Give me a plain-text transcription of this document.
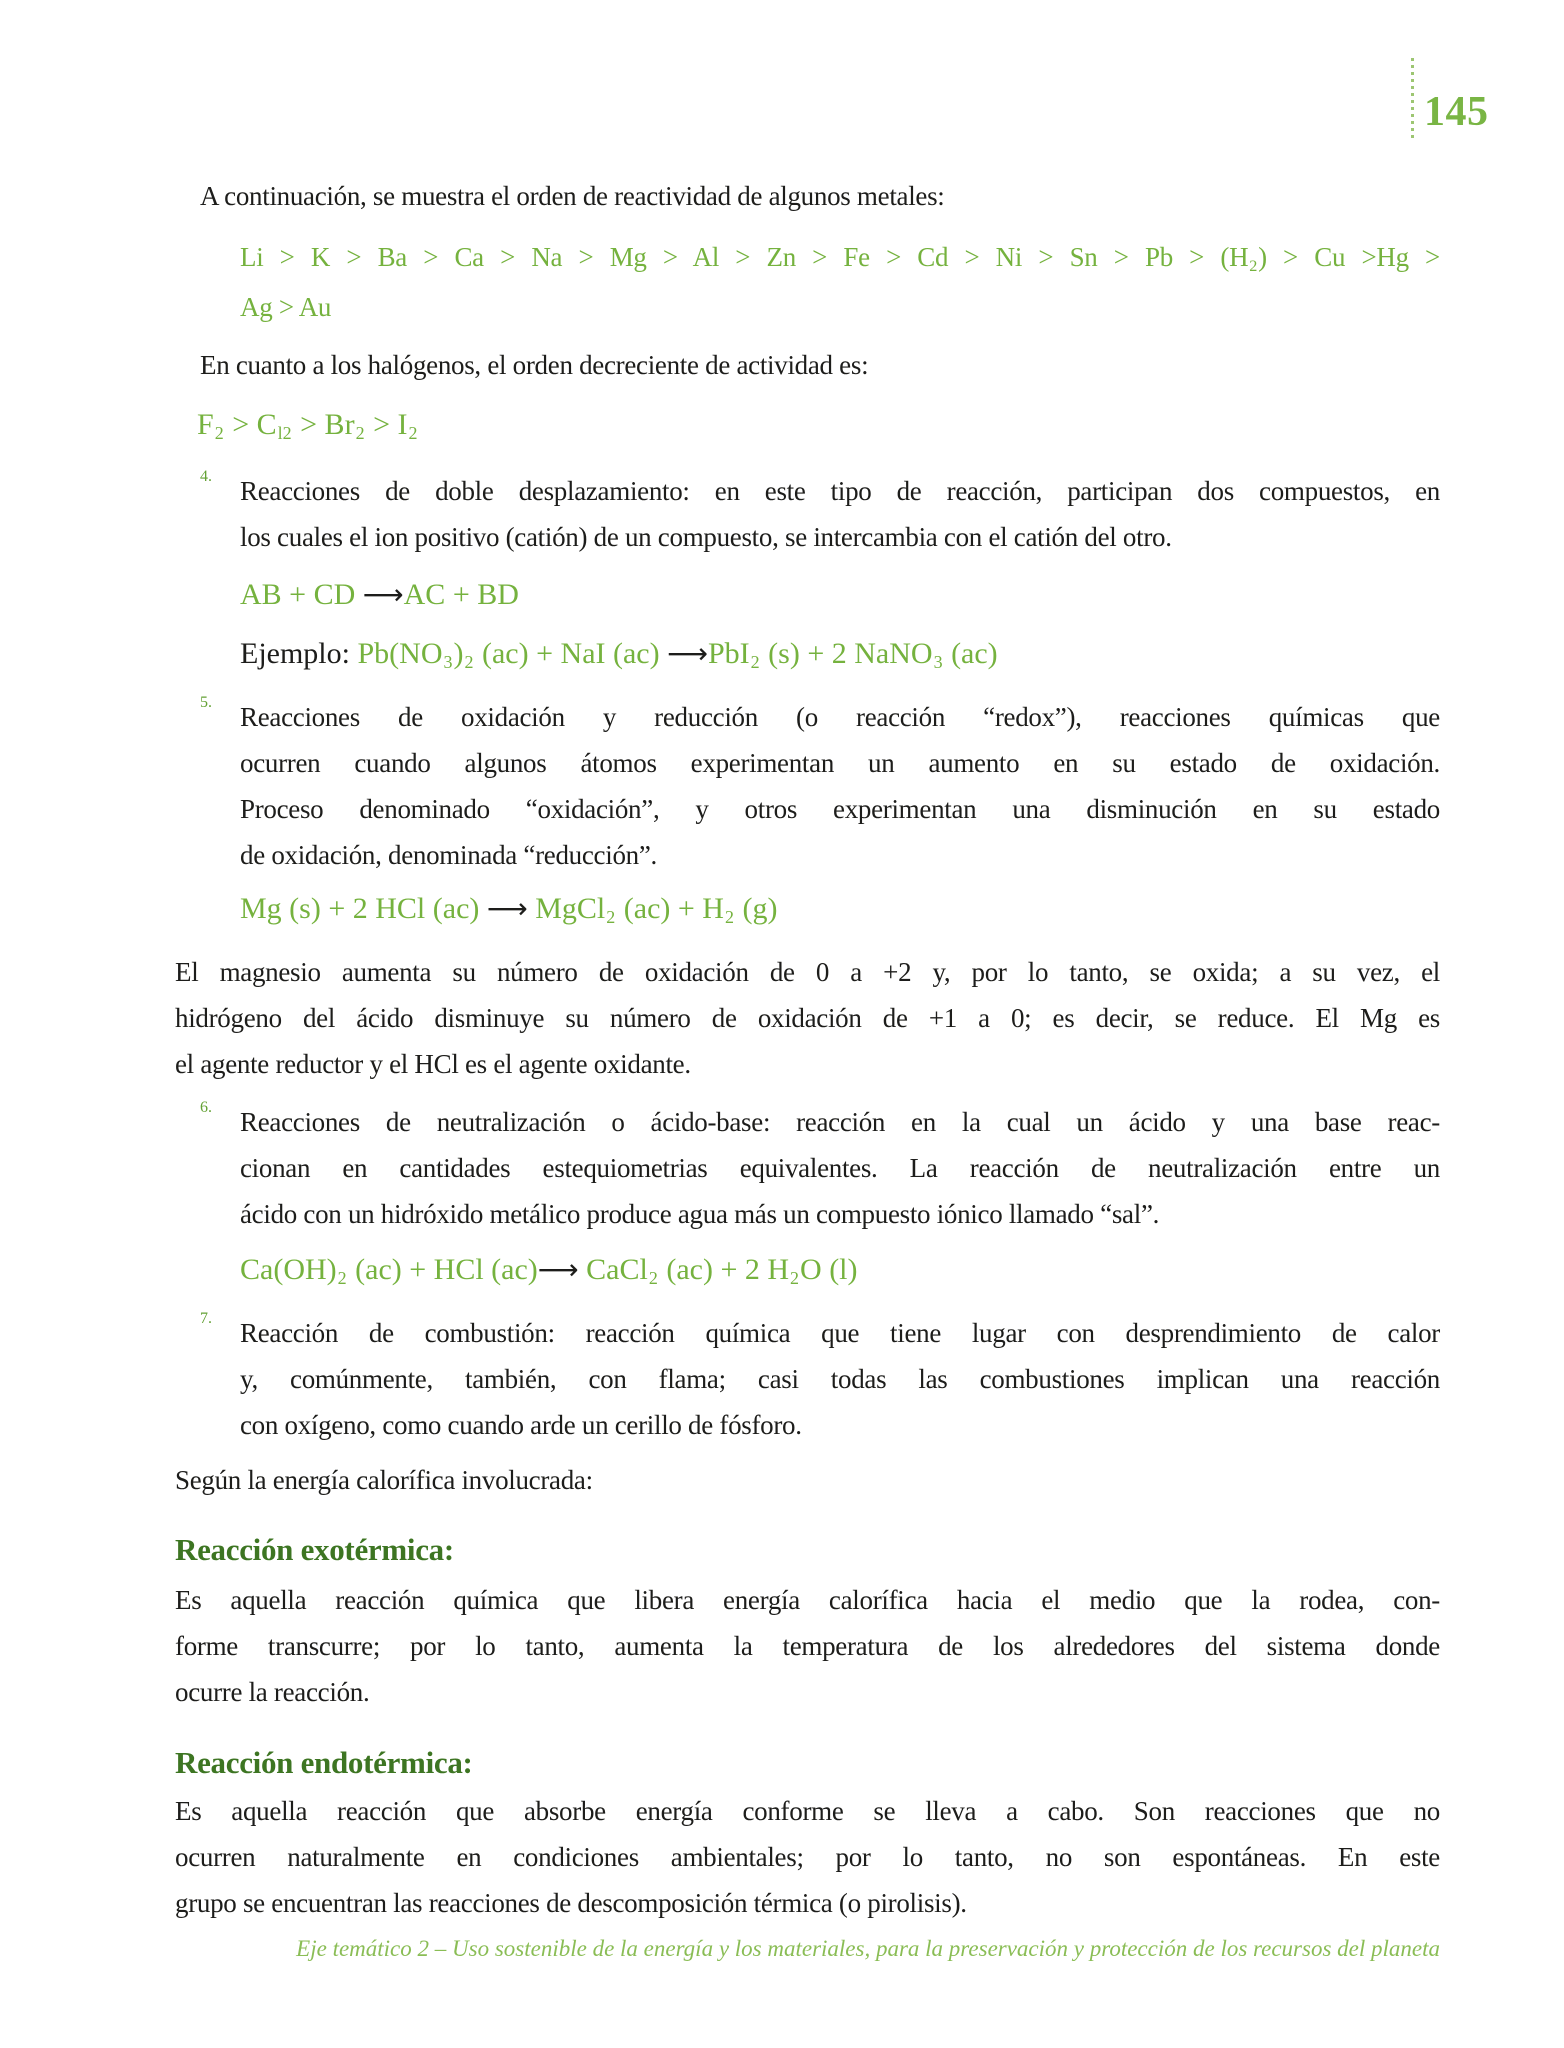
145

A continuación, se muestra el orden de reactividad de algunos metales:

Li > K > Ba > Ca > Na > Mg > Al > Zn > Fe > Cd > Ni > Sn > Pb > (H2) > Cu >Hg >
Ag > Au

En cuanto a los halógenos, el orden decreciente de actividad es:

F2 > Cl2 > Br2 > I2
4. Reacciones de doble desplazamiento: en este tipo de reacción, participan dos compuestos, en
los cuales el ion positivo (catión) de un compuesto, se intercambia con el catión del otro.
AB + CD ⟶AC + BD
Ejemplo: Pb(NO3)2 (ac) + NaI (ac) ⟶PbI2 (s) + 2 NaNO3 (ac)
5. Reacciones de oxidación y reducción (o reacción “redox”), reacciones químicas que
ocurren cuando algunos átomos experimentan un aumento en su estado de oxidación.
Proceso denominado “oxidación”, y otros experimentan una disminución en su estado
de oxidación, denominada “reducción”.
Mg (s) + 2 HCl (ac) ⟶ MgCl2 (ac) + H2 (g)
El magnesio aumenta su número de oxidación de 0 a +2 y, por lo tanto, se oxida; a su vez, el
hidrógeno del ácido disminuye su número de oxidación de +1 a 0; es decir, se reduce. El Mg es
el agente reductor y el HCl es el agente oxidante.
6. Reacciones de neutralización o ácido-base: reacción en la cual un ácido y una base reac-
cionan en cantidades estequiometrias equivalentes. La reacción de neutralización entre un
ácido con un hidróxido metálico produce agua más un compuesto iónico llamado “sal”.
Ca(OH)2 (ac) + HCl (ac)⟶ CaCl2 (ac) + 2 H2O (l)
7. Reacción de combustión: reacción química que tiene lugar con desprendimiento de calor
y, comúnmente, también, con flama; casi todas las combustiones implican una reacción
con oxígeno, como cuando arde un cerillo de fósforo.

Según la energía calorífica involucrada:

Reacción exotérmica:
Es aquella reacción química que libera energía calorífica hacia el medio que la rodea, con-
forme transcurre; por lo tanto, aumenta la temperatura de los alrededores del sistema donde
ocurre la reacción.
Reacción endotérmica:
Es aquella reacción que absorbe energía conforme se lleva a cabo. Son reacciones que no
ocurren naturalmente en condiciones ambientales; por lo tanto, no son espontáneas. En este
grupo se encuentran las reacciones de descomposición térmica (o pirolisis).
Eje temático 2 – Uso sostenible de la energía y los materiales, para la preservación y protección de los recursos del planeta
